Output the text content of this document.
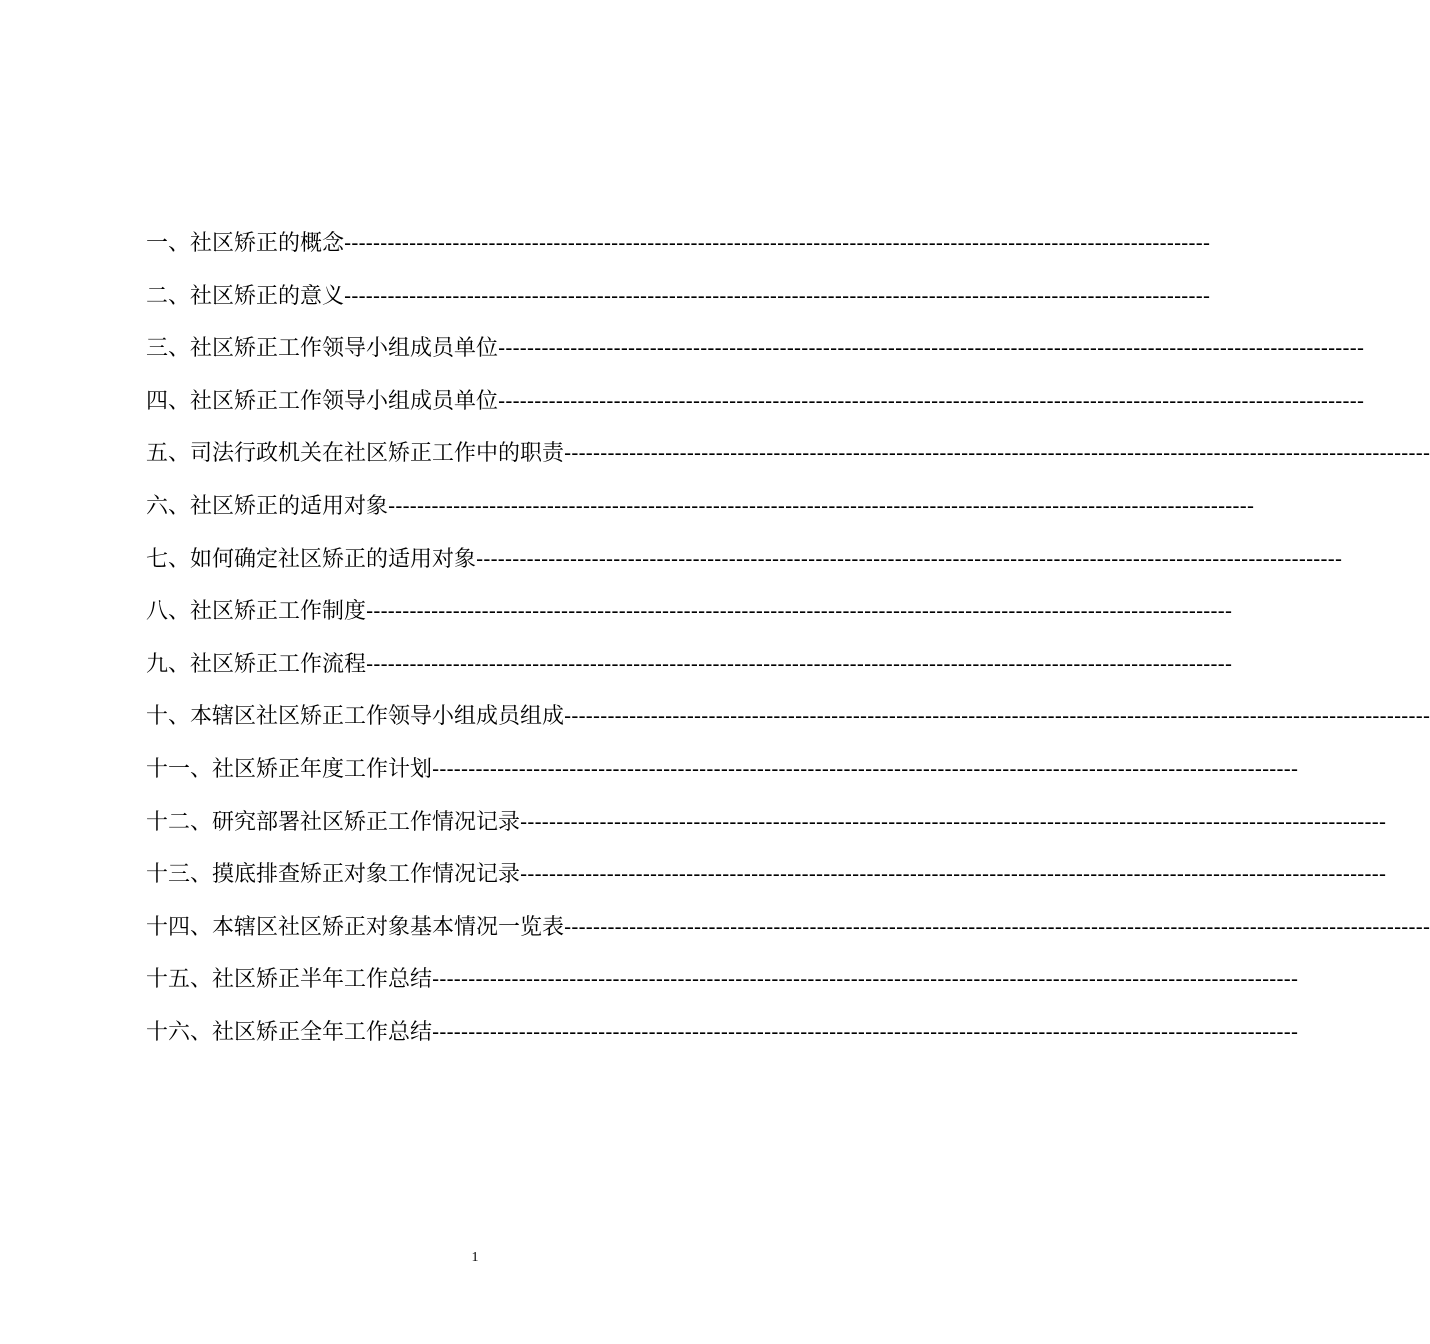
一、社区矫正的概念 ------------------------------------------------------------------------------------------------------------------------
二、社区矫正的意义 ------------------------------------------------------------------------------------------------------------------------
三、社区矫正工作领导小组成员单位 ------------------------------------------------------------------------------------------------------------------------
四、社区矫正工作领导小组成员单位 ------------------------------------------------------------------------------------------------------------------------
五、司法行政机关在社区矫正工作中的职责 ------------------------------------------------------------------------------------------------------------------------
六、社区矫正的适用对象 ------------------------------------------------------------------------------------------------------------------------
七、如何确定社区矫正的适用对象 ------------------------------------------------------------------------------------------------------------------------
八、社区矫正工作制度 ------------------------------------------------------------------------------------------------------------------------
九、社区矫正工作流程 ------------------------------------------------------------------------------------------------------------------------
十、本辖区社区矫正工作领导小组成员组成 ------------------------------------------------------------------------------------------------------------------------
十一、社区矫正年度工作计划 ------------------------------------------------------------------------------------------------------------------------
十二、研究部署社区矫正工作情况记录 ------------------------------------------------------------------------------------------------------------------------
十三、摸底排查矫正对象工作情况记录 ------------------------------------------------------------------------------------------------------------------------
十四、本辖区社区矫正对象基本情况一览表 ------------------------------------------------------------------------------------------------------------------------
十五、社区矫正半年工作总结 ------------------------------------------------------------------------------------------------------------------------
十六、社区矫正全年工作总结 ------------------------------------------------------------------------------------------------------------------------
1
